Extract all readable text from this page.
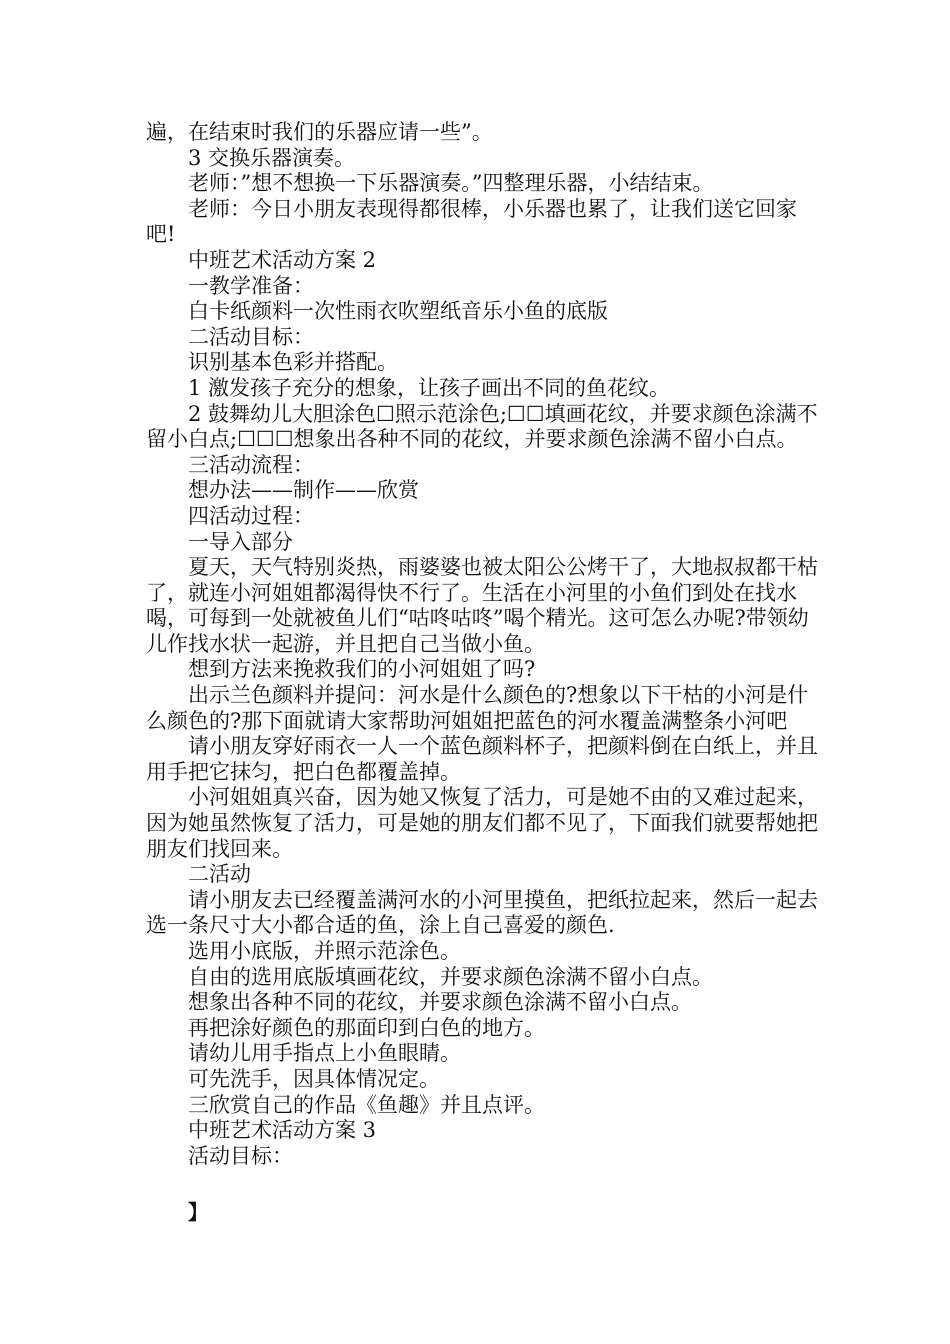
遍，在结束时我们的乐器应请一些”。

3 交换乐器演奏。

老师：”想不想换一下乐器演奏。”四整理乐器，小结结束。

老师：今日小朋友表现得都很棒，小乐器也累了，让我们送它回家吧!

中班艺术活动方案 2

一教学准备：

白卡纸颜料一次性雨衣吹塑纸音乐小鱼的底版

二活动目标：

识别基本色彩并搭配。

1 激发孩子充分的想象，让孩子画出不同的鱼花纹。

2 鼓舞幼儿大胆涂色☐照示范涂色;☐☐填画花纹，并要求颜色涂满不留小白点;☐☐☐想象出各种不同的花纹，并要求颜色涂满不留小白点。

三活动流程：

想办法——制作——欣赏

四活动过程：

一导入部分

夏天，天气特别炎热，雨婆婆也被太阳公公烤干了，大地叔叔都干枯了，就连小河姐姐都渴得快不行了。生活在小河里的小鱼们到处在找水喝，可每到一处就被鱼儿们“咕咚咕咚”喝个精光。这可怎么办呢?带领幼儿作找水状一起游，并且把自己当做小鱼。

想到方法来挽救我们的小河姐姐了吗?

出示兰色颜料并提问：河水是什么颜色的?想象以下干枯的小河是什么颜色的?那下面就请大家帮助河姐姐把蓝色的河水覆盖满整条小河吧

请小朋友穿好雨衣一人一个蓝色颜料杯子，把颜料倒在白纸上，并且用手把它抹匀，把白色都覆盖掉。

小河姐姐真兴奋，因为她又恢复了活力，可是她不由的又难过起来，因为她虽然恢复了活力，可是她的朋友们都不见了，下面我们就要帮她把朋友们找回来。

二活动

请小朋友去已经覆盖满河水的小河里摸鱼，把纸拉起来，然后一起去选一条尺寸大小都合适的鱼，涂上自己喜爱的颜色.

选用小底版，并照示范涂色。

自由的选用底版填画花纹，并要求颜色涂满不留小白点。

想象出各种不同的花纹，并要求颜色涂满不留小白点。

再把涂好颜色的那面印到白色的地方。

请幼儿用手指点上小鱼眼睛。

可先洗手，因具体情况定。

三欣赏自己的作品《鱼趣》并且点评。

中班艺术活动方案 3

活动目标：

】
